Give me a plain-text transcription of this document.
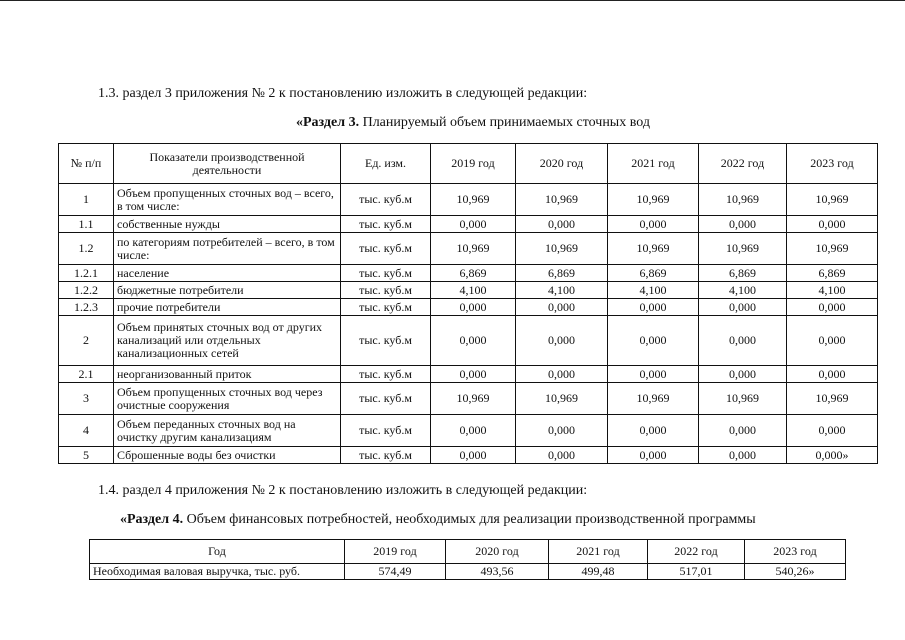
1.3. раздел 3 приложения № 2 к постановлению изложить в следующей редакции:
«Раздел 3. Планируемый объем принимаемых сточных вод
№ п/п	Показатели производственной деятельности	Ед. изм.	2019 год	2020 год	2021 год	2022 год	2023 год
1	Объем пропущенных сточных вод – всего, в том числе:	тыс. куб.м	10,969	10,969	10,969	10,969	10,969
1.1	собственные нужды	тыс. куб.м	0,000	0,000	0,000	0,000	0,000
1.2	по категориям потребителей – всего, в том числе:	тыс. куб.м	10,969	10,969	10,969	10,969	10,969
1.2.1	население	тыс. куб.м	6,869	6,869	6,869	6,869	6,869
1.2.2	бюджетные потребители	тыс. куб.м	4,100	4,100	4,100	4,100	4,100
1.2.3	прочие потребители	тыс. куб.м	0,000	0,000	0,000	0,000	0,000
2	Объем принятых сточных вод от других канализаций или отдельных канализационных сетей	тыс. куб.м	0,000	0,000	0,000	0,000	0,000
2.1	неорганизованный приток	тыс. куб.м	0,000	0,000	0,000	0,000	0,000
3	Объем пропущенных сточных вод через очистные сооружения	тыс. куб.м	10,969	10,969	10,969	10,969	10,969
4	Объем переданных сточных вод на очистку другим канализациям	тыс. куб.м	0,000	0,000	0,000	0,000	0,000
5	Сброшенные воды без очистки	тыс. куб.м	0,000	0,000	0,000	0,000	0,000»
1.4. раздел 4 приложения № 2 к постановлению изложить в следующей редакции:
«Раздел 4. Объем финансовых потребностей, необходимых для реализации производственной программы
Год	2019 год	2020 год	2021 год	2022 год	2023 год
Необходимая валовая выручка, тыс. руб.	574,49	493,56	499,48	517,01	540,26»
